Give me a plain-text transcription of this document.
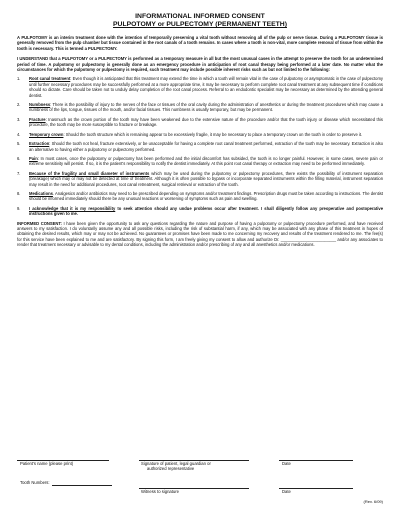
INFORMATIONAL INFORMED CONSENT
PULPOTOMY or PULPECTOMY (PERMANENT TEETH)

A PULPOTOMY is an interim treatment done with the intention of temporarily preserving a vital tooth without removing all of the pulp or nerve tissue. During a PULPOTOMY tissue is generally removed from the pulp chamber but tissue contained in the root canals of a tooth remains. In cases where a tooth is non-vital, more complete removal of tissue from within the tooth is necessary. This is termed a PULPECTOMY.

I UNDERSTAND that a PULPOTOMY or a PULPECTOMY is performed as a temporary measure in all but the most unusual cases in the attempt to preserve the tooth for an undetermined period of time. A pulpotomy or pulpectomy is generally done as an emergency procedure in anticipation of root canal therapy being performed at a later date. No matter what the circumstances for which the pulpotomy or pulpectomy is required, such treatment may include possible inherent risks such as but not limited to the following:

1.	Root canal treatment: Even though it is anticipated that this treatment may extend the time in which a tooth will remain vital in the case of pulpotomy or asymptomatic in the case of pulpectomy until further necessary procedures may be successfully performed at a more appropriate time, it may be necessary to perform complete root canal treatment at any subsequent time if conditions should so dictate. Care should be taken not to unduly delay completion of the root canal process. Referral to an endodontic specialist may be necessary as determined by the attending general dentist.
2.	Numbness: There is the possibility of injury to the nerves of the face or tissues of the oral cavity during the administration of anesthetics or during the treatment procedures which may cause a numbness of the lips, tongue, tissues of the mouth, and/or facial tissues. This numbness is usually temporary, but may be permanent.
3.	Fracture: Inasmuch as the crown portion of the tooth may have been weakened due to the extensive nature of the procedure and/or that the tooth injury or disease which necessitated this procedure, the tooth may be more susceptible to fracture or breakage.
4.	Temporary crown: Should the tooth structure which is remaining appear to be excessively fragile, it may be necessary to place a temporary crown on the tooth in order to preserve it.
5.	Extraction: Should the tooth not heal, fracture extensively, or be unacceptable for having a complete root canal treatment performed, extraction of the tooth may be necessary. Extraction is also an alternative to having either a pulpotomy or pulpectomy performed.
6.	Pain: In most cases, once the pulpotomy or pulpectomy has been performed and the initial discomfort has subsided, the tooth is no longer painful. However, in some cases, severe pain or extreme sensitivity will persist. If so, it is the patient's responsibility to notify the dentist immediately. At this point root canal therapy or extraction may need to be performed immediately.
7.	Because of the fragility and small diameter of instruments which may be used during the pulpotomy or pulpectomy procedures, there exists the possibility of instrument separation (breakage) which may or may not be detected at time of treatment. Although it is often possible to bypass or incorporate separated instruments within the filling material, instrument separation may result in the need for additional procedures, root canal retreatment, surgical retrieval or extraction of the tooth.
8.	Medications. Analgesics and/or antibiotics may need to be prescribed depending on symptoms and/or treatment findings. Prescription drugs must be taken according to instructions. The dentist should be informed immediately should there be any unusual reactions or worsening of symptoms such as pain and swelling.
9.	I acknowledge that it is my responsibility to seek attention should any undue problems occur after treatment. I shall diligently follow any preoperative and postoperative instructions given to me.

INFORMED CONSENT: I have been given the opportunity to ask any questions regarding the nature and purpose of having a pulpotomy or pulpectomy procedure performed, and have received answers to my satisfaction. I do voluntarily assume any and all possible risks, including the risk of substantial harm, if any, which may be associated with any phase of this treatment in hopes of obtaining the desired results, which may or may not be achieved. No guarantees or promises have been made to me concerning my recovery and results of the treatment rendered to me. The fee(s) for this service have been explained to me and are satisfactory. By signing this form, I am freely giving my consent to allow and authorize Dr. ________________________ and/or any associates to render that treatment necessary or advisable to my dental conditions, including the administration and/or prescribing of any and all anesthetics and/or medications.

Patient's name (please print)	Signature of patient, legal guardian or
authorized representative
Date
Tooth Numbers:
Witness to signature	Date
(Rev. 6/09)
